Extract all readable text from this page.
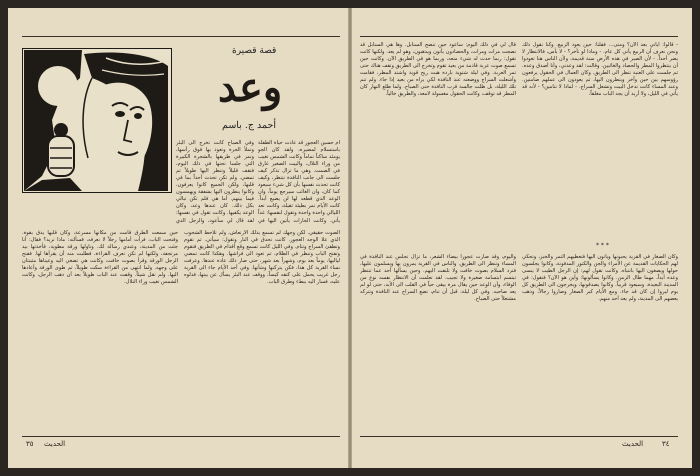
قصة قصيرة
وعد
أحمد ج. باسم
أم حسين العجوز قد عادت حياة الطفلة باستسلام لمصيره، ولقد كان الجو يومئذ ساكناً تماماً وكانت الشمس تغيب من وراء التلال، والبيت الصغير غارق في الصمت. وهي ما تزال تذكر كيف جلست الى جانب النافذة تنتظر، وكيف كانت تحدث نفسها بأن كل شيء سيعود كما كان، وان الغائب سيرجع يوماً، وان الوعد الذي قطعه لها لن يضيع أبداً. كانت الأيام تمر بطيئة ثقيلة، وكانت تعد الليالي واحدة واحدة وتقول لنفسها: غداً يأتي. وكانت الجارات يأتين اليها في
وفي الصباح كانت تخرج الى البئر وتملأ الجرة وتعود بها فوق رأسها، وتمر في طريقها بالشجرة الكبيرة التي جلسا تحتها في ذلك اليوم، فتقف قليلاً وتنظر اليها طويلاً ثم تمضي. ولم تكن تحدث أحداً بما في قلبها، ولكن الجميع كانوا يعرفون، وكانوا ينظرون اليها بشفقة ويهمسون فيما بينهم. أما هي فلم تكن تبالي بكل ذلك. كان عندها وعد، وكان الوعد يكفيها. وكانت تقول في نفسها: لقد قال لي سأعود، والرجل الذي
الصوت حقيقي. لكن وجهك لم تسمع بذلك الارتعاش، ولم تلاحظ الشحوب الذي علا الوجه العجوز. كانت تحدق في النار وتقول: سيأتي. ثم تقوم وتطفئ السراج وتنام. وفي الليل كانت تسمع وقع أقدام في الطريق فتقوم وتفتح الباب وتنظر في الظلام، ثم تعود الى فراشها. وهكذا كانت تمضي لياليها، يوماً بعد يوم، وشهراً بعد شهر، حتى صار ذلك عادة عندها. وعرفت نساء القرية كل هذا، فكن يتركنها وشأنها. وفي أحد الأيام جاء الى القرية رجل غريب يحمل على كتفه كيساً، ووقف عند البئر يسأل عن بيتها، فدلوه عليه، فسار اليه ببطء وطرق الباب.
حين سمعت الطرق قامت من مكانها مسرعة، وكان قلبها يدق بقوة. وفتحت الباب، فرأت أمامها رجلاً لا تعرفه، فسألته: ماذا تريد؟ فقال: أنا جئت من المدينة، وعندي رسالة لك. وناولها ورقة مطوية، فأخذتها بيد مرتجفة، ولكنها لم تكن تعرف القراءة، فطلبت منه أن يقرأها لها. ففتح الرجل الورقة وقرأ بصوت خافت، وكانت هي تصغي اليه وعيناها مثبتتان على وجهه. ولما انتهى من القراءة سكت طويلاً، ثم طوى الورقة وأعادها اليها. ولم تقل شيئاً. وقفت عند الباب طويلاً بعد أن ذهب الرجل، وكانت الشمس تغيب وراء التلال.
٣٥ الحديث
- قالوا: أيأتي بعد الآن؟ ومتى… فقلنا: حين يعود الربيع. وكنا نقول ذلك ونحن نعرف أن الربيع يأتي كل عام. - وماذا لو تأخر؟ - لا بأس، فالانتظار لا يضر أحداً. - لأن الصبر في هذه الأرض سنة قديمة، ولأن الناس هنا تعودوا أن ينتظروا المطر والحصاد والغائبين. وقالت: لقد وعدني، وأنا أصدق وعده. ثم جلست على العتبة تنظر الى الطريق. وكان العمال في الحقول يرفعون رؤوسهم بين حين وآخر وينظرون اليها، ثم يعودون الى عملهم صامتين. وعند المساء كانت تدخل البيت وتشعل السراج. - لماذا لا تنامين؟ - لأنه قد يأتي في الليل، ولا أريد أن يجد الباب مغلقاً.
قال لي في ذلك اليوم: سأعود حين تنضج السنابل. وها هي السنابل قد نضجت مرات ومرات، والحصادون يأتون ويذهبون، وهو لم يعد. ولكنها كانت تقول: ربما حدث له شيء منعه، وربما هو في الطريق الآن. وكانت حين تسمع صوت عربة قادمة من بعيد تقوم وتخرج الى الطريق وتقف هناك حتى تمر العربة. وفي ليلة شتوية باردة هبت ريح قوية واشتد المطر، فقامت وأشعلت السراج ووضعته عند النافذة لكي يراه من بعيد إذا جاء. ولم تنم تلك الليلة، بل ظلت جالسة قرب النافذة حتى الصباح. ولما طلع النهار كان المطر قد توقف، وكانت الحقول مغسولة لامعة، والطريق خالياً.
* * *
وكان الصغار في القرية يحبونها ويأتون اليها فتعطيهم التمر والخبز، وتحكي لهم الحكايات القديمة عن الأمراء والجن والكنوز المدفونة، وكانوا يجلسون حولها ويصغون اليها بانتباه. وكانت تقول لهم: إن الرجل الطيب لا ينسى وعده أبداً، مهما طال الزمن. وكانوا يسألونها: وأين هو الآن؟ فتقول: في المدينة البعيدة، وسيعود قريباً. وكانوا يصدقونها، ويخرجون الى الطريق كل يوم ليروا إن كان قد جاء. ومع الأيام كبر الصغار وصاروا رجالاً، وذهب بعضهم الى المدينة، ولم يعد أحد منهم.
واليوم، وقد صارت عجوزاً بيضاء الشعر، ما تزال تجلس عند النافذة في المساء وتنظر الى الطريق. والناس في القرية يمرون بها ويسلمون عليها، فترد السلام بصوت خافت ولا تلتفت اليهم. وحين يسألها أحد عما تنتظر تبتسم ابتسامة صغيرة ولا تجيب. لقد تعلمت أن الانتظار نفسه نوع من الوفاء، وأن الوعد حين يقال مرة يبقى حياً في القلب الى الأبد، حتى لو لم يعد صاحبه. وفي كل ليلة، قبل أن تنام، تضع السراج عند النافذة وتتركه مشتعلاً حتى الصباح.
الحديث	٣٤
